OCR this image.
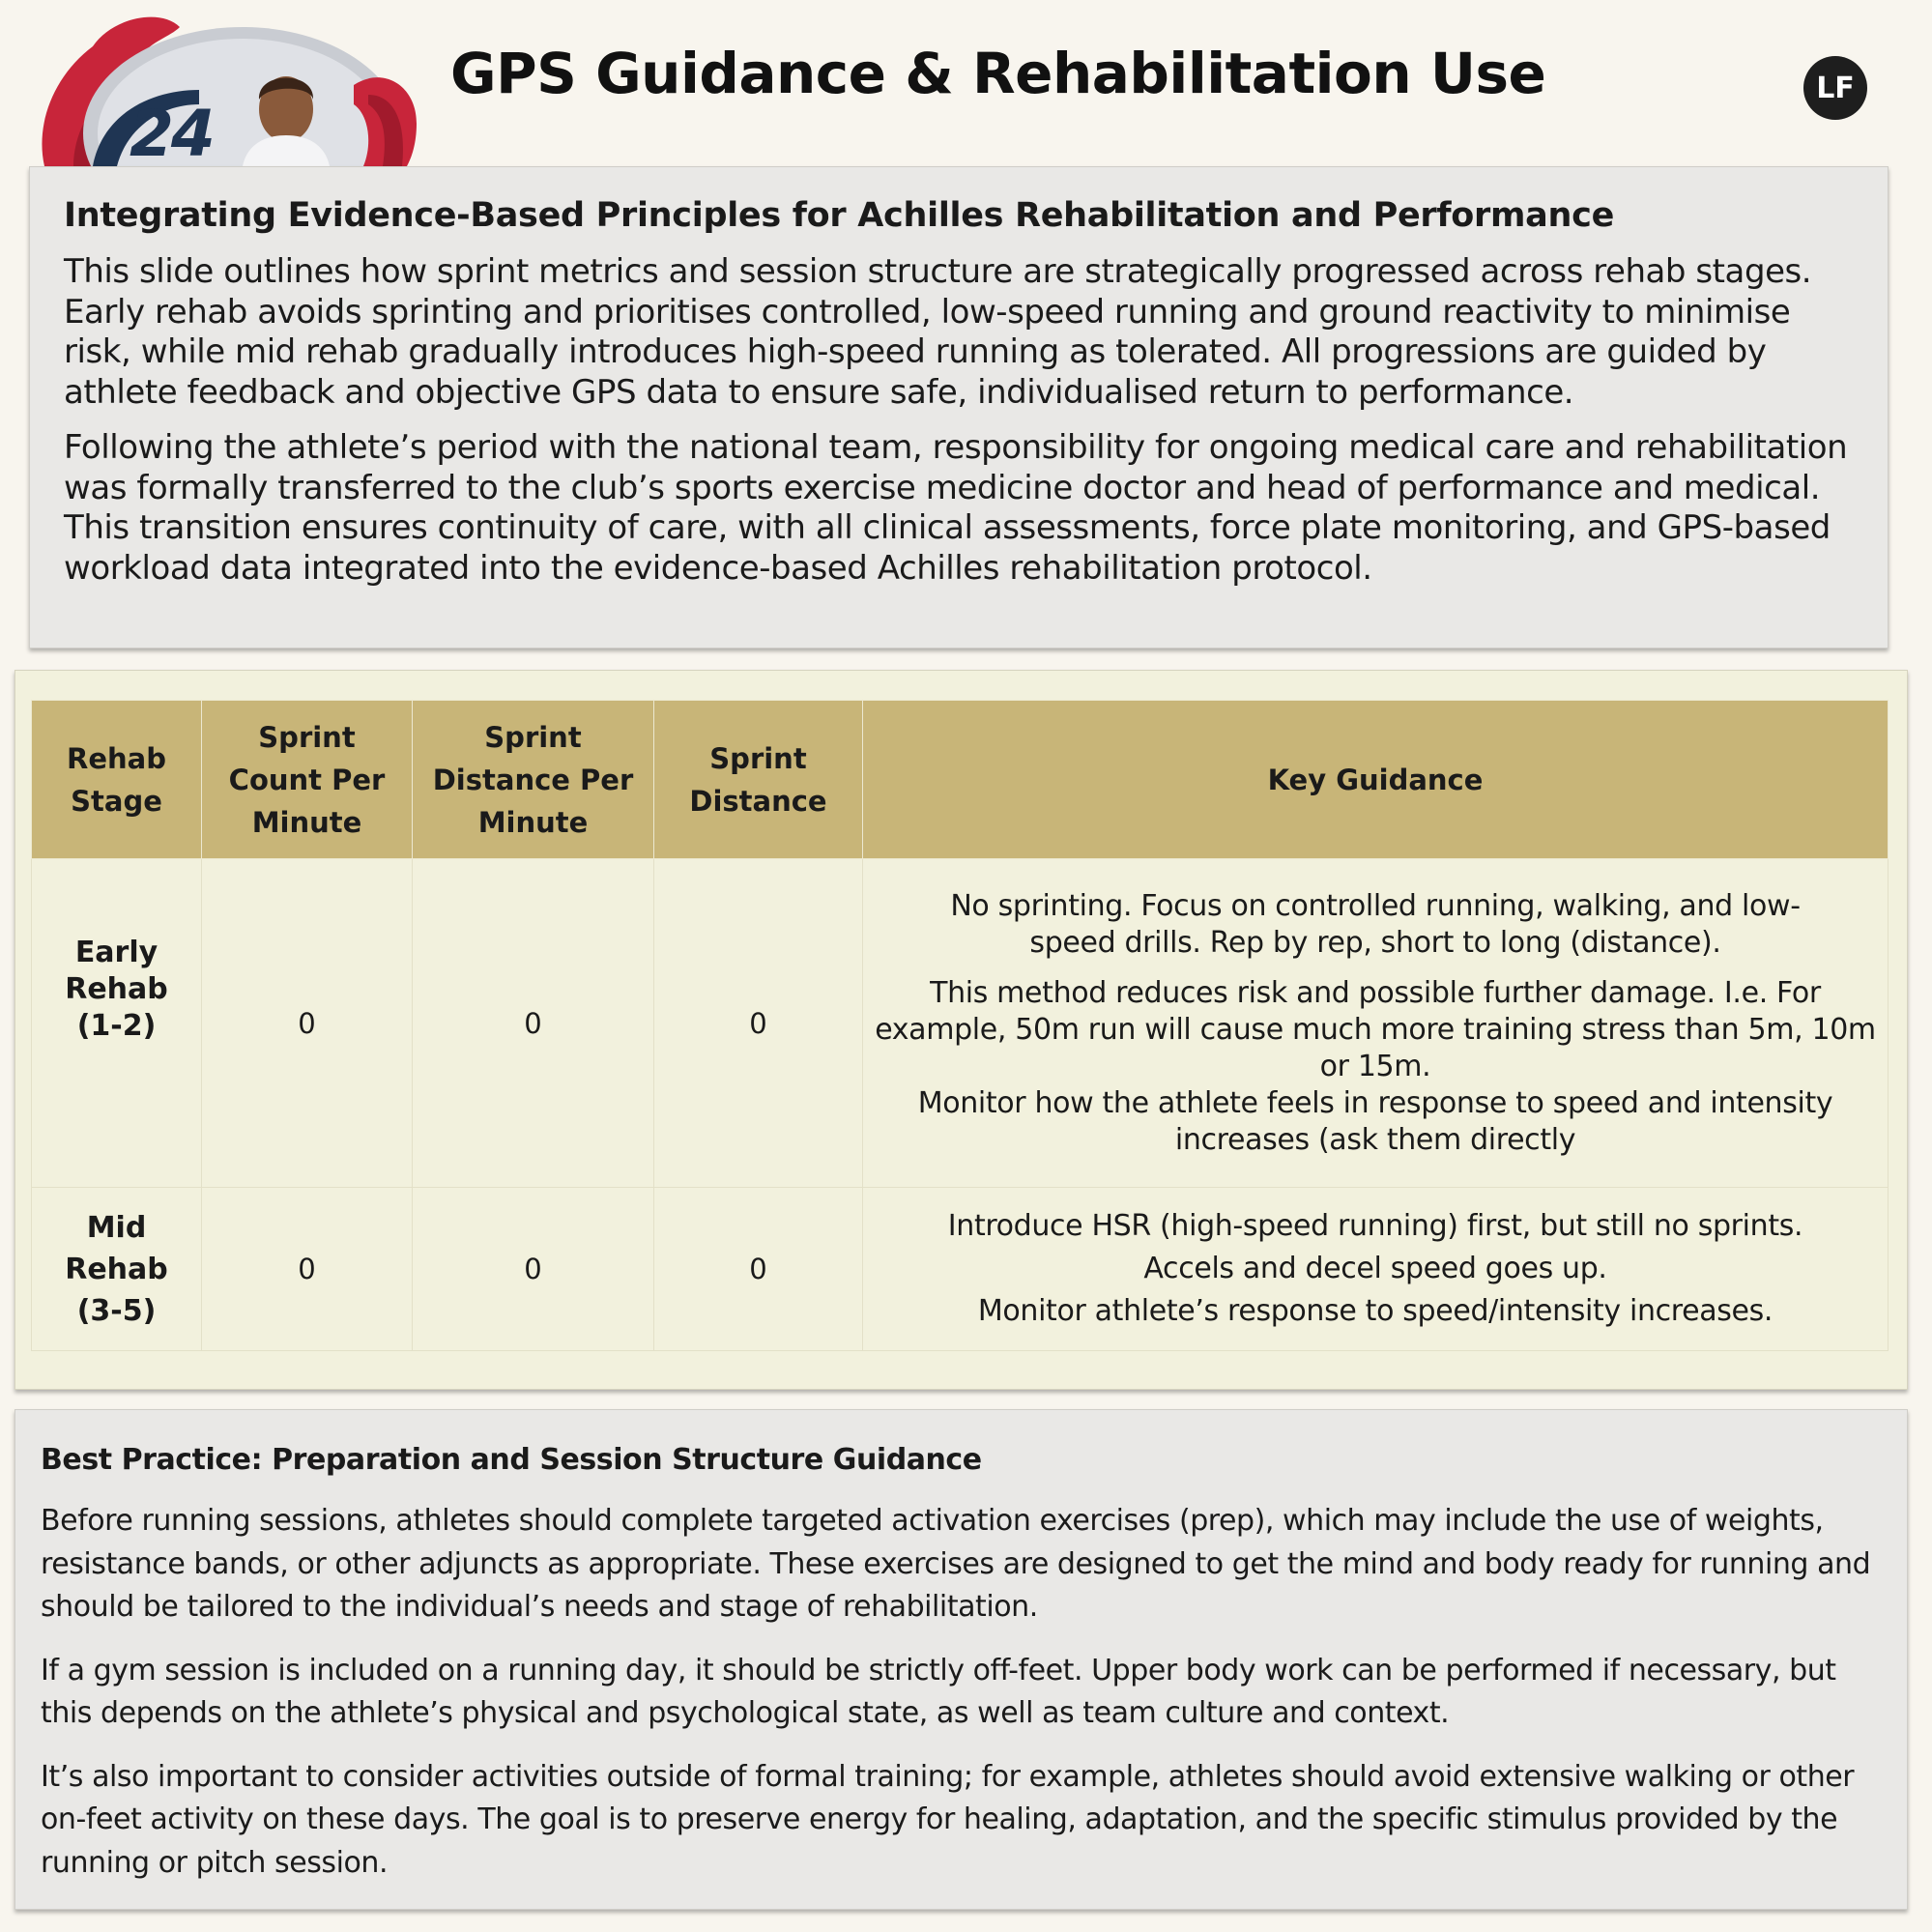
24
GPS Guidance & Rehabilitation Use	LF
Integrating Evidence-Based Principles for Achilles Rehabilitation and Performance

This slide outlines how sprint metrics and session structure are strategically progressed across rehab stages. Early rehab avoids sprinting and prioritises controlled, low-speed running and ground reactivity to minimise risk, while mid rehab gradually introduces high-speed running as tolerated. All progressions are guided by athlete feedback and objective GPS data to ensure safe, individualised return to performance.

Following the athlete’s period with the national team, responsibility for ongoing medical care and rehabilitation was formally transferred to the club’s sports exercise medicine doctor and head of performance and medical. This transition ensures continuity of care, with all clinical assessments, force plate monitoring, and GPS-based workload data integrated into the evidence-based Achilles rehabilitation protocol.

Rehab Stage	Sprint Count Per Minute	Sprint Distance Per Minute	Sprint Distance	Key Guidance
Early Rehab (1-2)	0	0	0	No sprinting. Focus on controlled running, walking, and low-speed drills. Rep by rep, short to long (distance).

This method reduces risk and possible further damage. I.e. For example, 50m run will cause much more training stress than 5m, 10m or 15m.

Monitor how the athlete feels in response to speed and intensity increases (ask them directly

Mid Rehab (3-5)	0	0	0	Introduce HSR (high-speed running) first, but still no sprints.

Accels and decel speed goes up.

Monitor athlete’s response to speed/intensity increases.

Best Practice: Preparation and Session Structure Guidance

Before running sessions, athletes should complete targeted activation exercises (prep), which may include the use of weights, resistance bands, or other adjuncts as appropriate. These exercises are designed to get the mind and body ready for running and should be tailored to the individual’s needs and stage of rehabilitation.

If a gym session is included on a running day, it should be strictly off-feet. Upper body work can be performed if necessary, but this depends on the athlete’s physical and psychological state, as well as team culture and context.

It’s also important to consider activities outside of formal training; for example, athletes should avoid extensive walking or other on-feet activity on these days. The goal is to preserve energy for healing, adaptation, and the specific stimulus provided by the running or pitch session.
